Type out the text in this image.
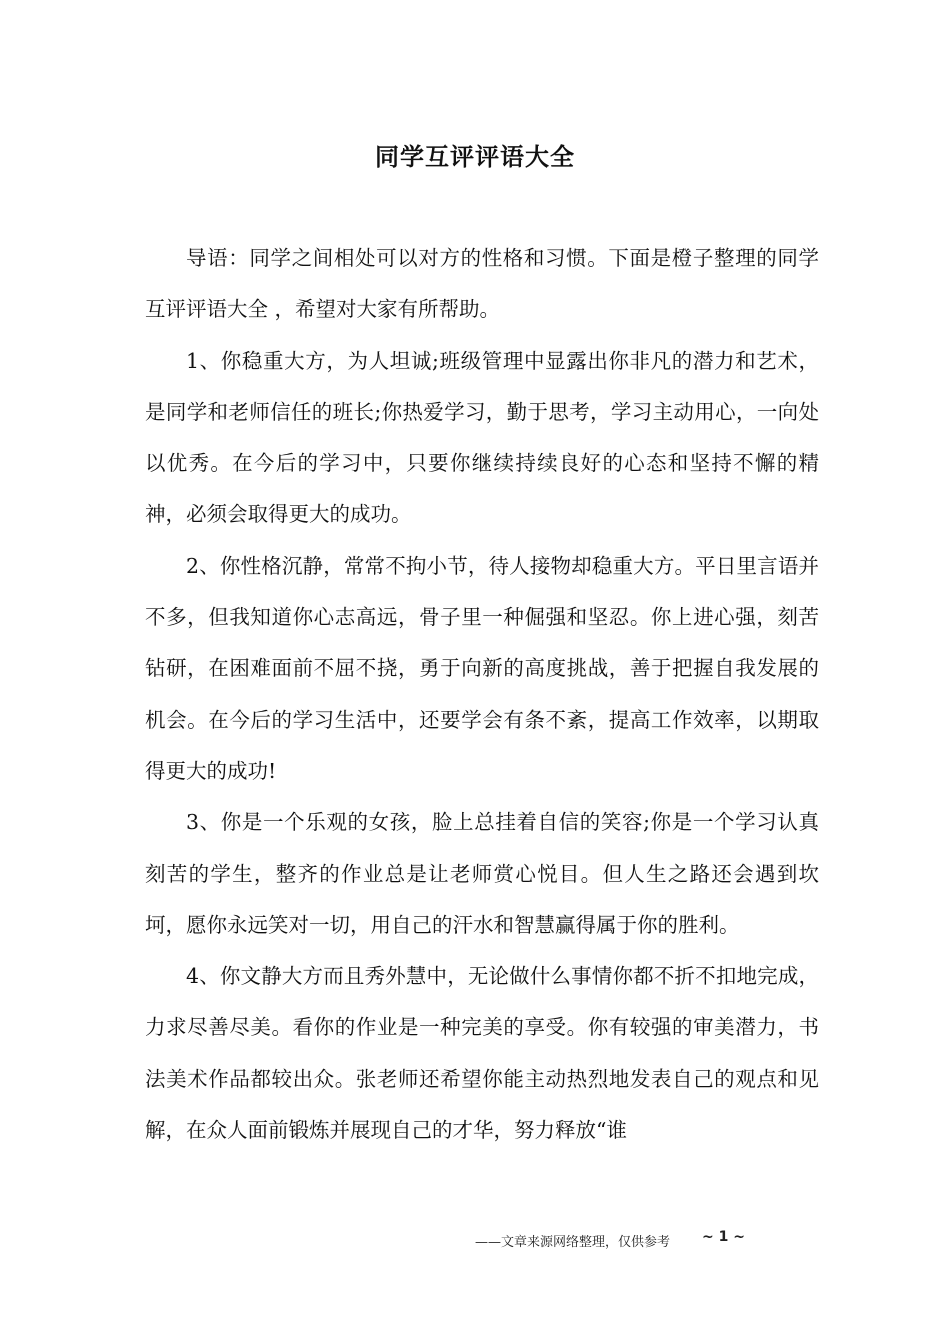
同学互评评语大全

导语：同学之间相处可以对方的性格和习惯。下面是橙子整理的同学互评评语大全 ，希望对大家有所帮助。

1、你稳重大方，为人坦诚;班级管理中显露出你非凡的潜力和艺术，是同学和老师信任的班长;你热爱学习，勤于思考，学习主动用心，一向处以优秀。在今后的学习中，只要你继续持续良好的心态和坚持不懈的精神，必须会取得更大的成功。

2、你性格沉静，常常不拘小节，待人接物却稳重大方。平日里言语并不多，但我知道你心志高远，骨子里一种倔强和坚忍。你上进心强，刻苦钻研，在困难面前不屈不挠，勇于向新的高度挑战，善于把握自我发展的机会。在今后的学习生活中，还要学会有条不紊，提高工作效率，以期取得更大的成功!

3、你是一个乐观的女孩，脸上总挂着自信的笑容;你是一个学习认真刻苦的学生，整齐的作业总是让老师赏心悦目。但人生之路还会遇到坎坷，愿你永远笑对一切，用自己的汗水和智慧赢得属于你的胜利。

4、你文静大方而且秀外慧中，无论做什么事情你都不折不扣地完成，力求尽善尽美。看你的作业是一种完美的享受。你有较强的审美潜力，书法美术作品都较出众。张老师还希望你能主动热烈地发表自己的观点和见解，在众人面前锻炼并展现自己的才华，努力释放“谁

——文章来源网络整理，仅供参考 ~ 1 ~
